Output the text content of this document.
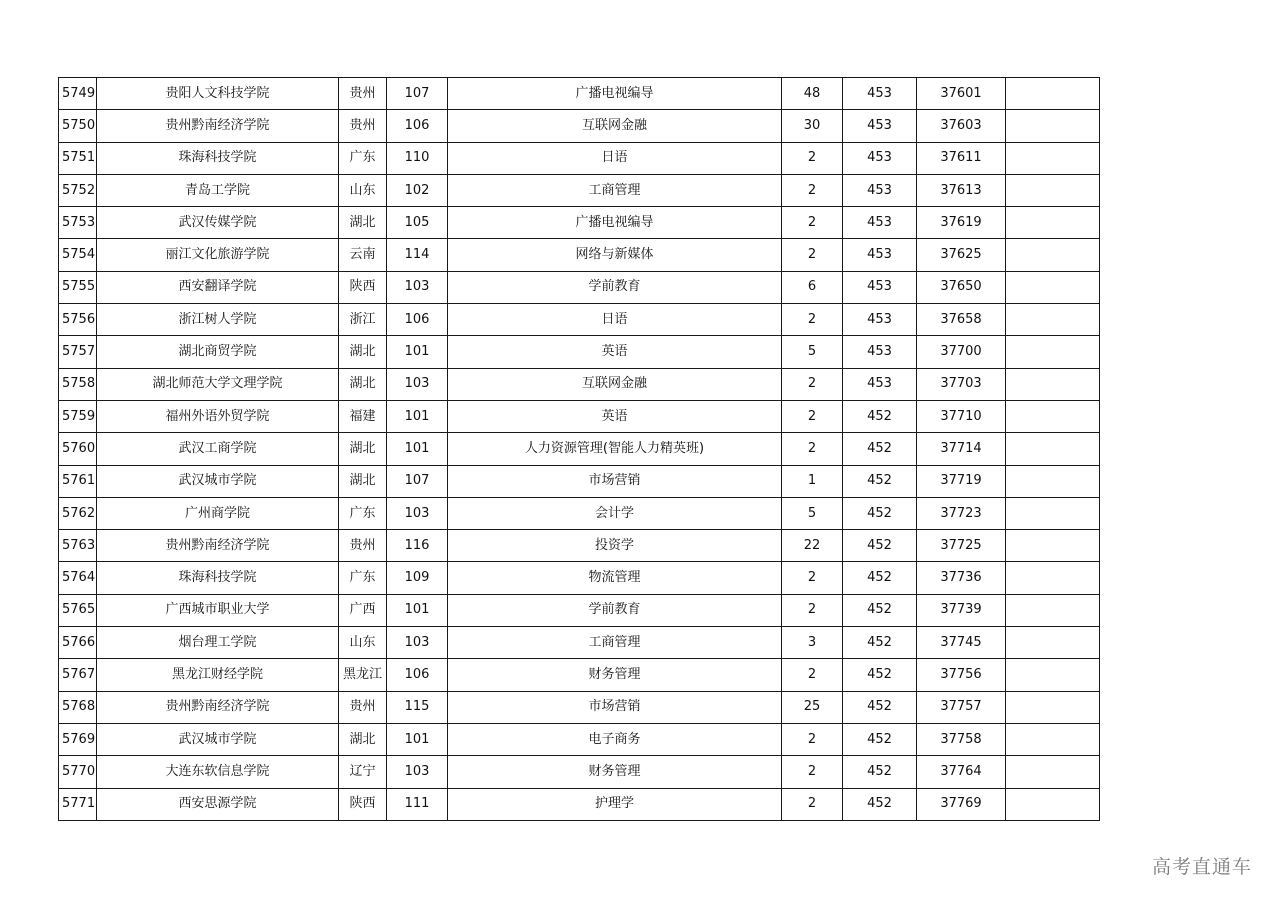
5749	贵阳人文科技学院	贵州	107	广播电视编导	48	453	37601	
5750	贵州黔南经济学院	贵州	106	互联网金融	30	453	37603	
5751	珠海科技学院	广东	110	日语	2	453	37611	
5752	青岛工学院	山东	102	工商管理	2	453	37613	
5753	武汉传媒学院	湖北	105	广播电视编导	2	453	37619	
5754	丽江文化旅游学院	云南	114	网络与新媒体	2	453	37625	
5755	西安翻译学院	陕西	103	学前教育	6	453	37650	
5756	浙江树人学院	浙江	106	日语	2	453	37658	
5757	湖北商贸学院	湖北	101	英语	5	453	37700	
5758	湖北师范大学文理学院	湖北	103	互联网金融	2	453	37703	
5759	福州外语外贸学院	福建	101	英语	2	452	37710	
5760	武汉工商学院	湖北	101	人力资源管理(智能人力精英班)	2	452	37714	
5761	武汉城市学院	湖北	107	市场营销	1	452	37719	
5762	广州商学院	广东	103	会计学	5	452	37723	
5763	贵州黔南经济学院	贵州	116	投资学	22	452	37725	
5764	珠海科技学院	广东	109	物流管理	2	452	37736	
5765	广西城市职业大学	广西	101	学前教育	2	452	37739	
5766	烟台理工学院	山东	103	工商管理	3	452	37745	
5767	黑龙江财经学院	黑龙江	106	财务管理	2	452	37756	
5768	贵州黔南经济学院	贵州	115	市场营销	25	452	37757	
5769	武汉城市学院	湖北	101	电子商务	2	452	37758	
5770	大连东软信息学院	辽宁	103	财务管理	2	452	37764	
5771	西安思源学院	陕西	111	护理学	2	452	37769	
高考直通车
